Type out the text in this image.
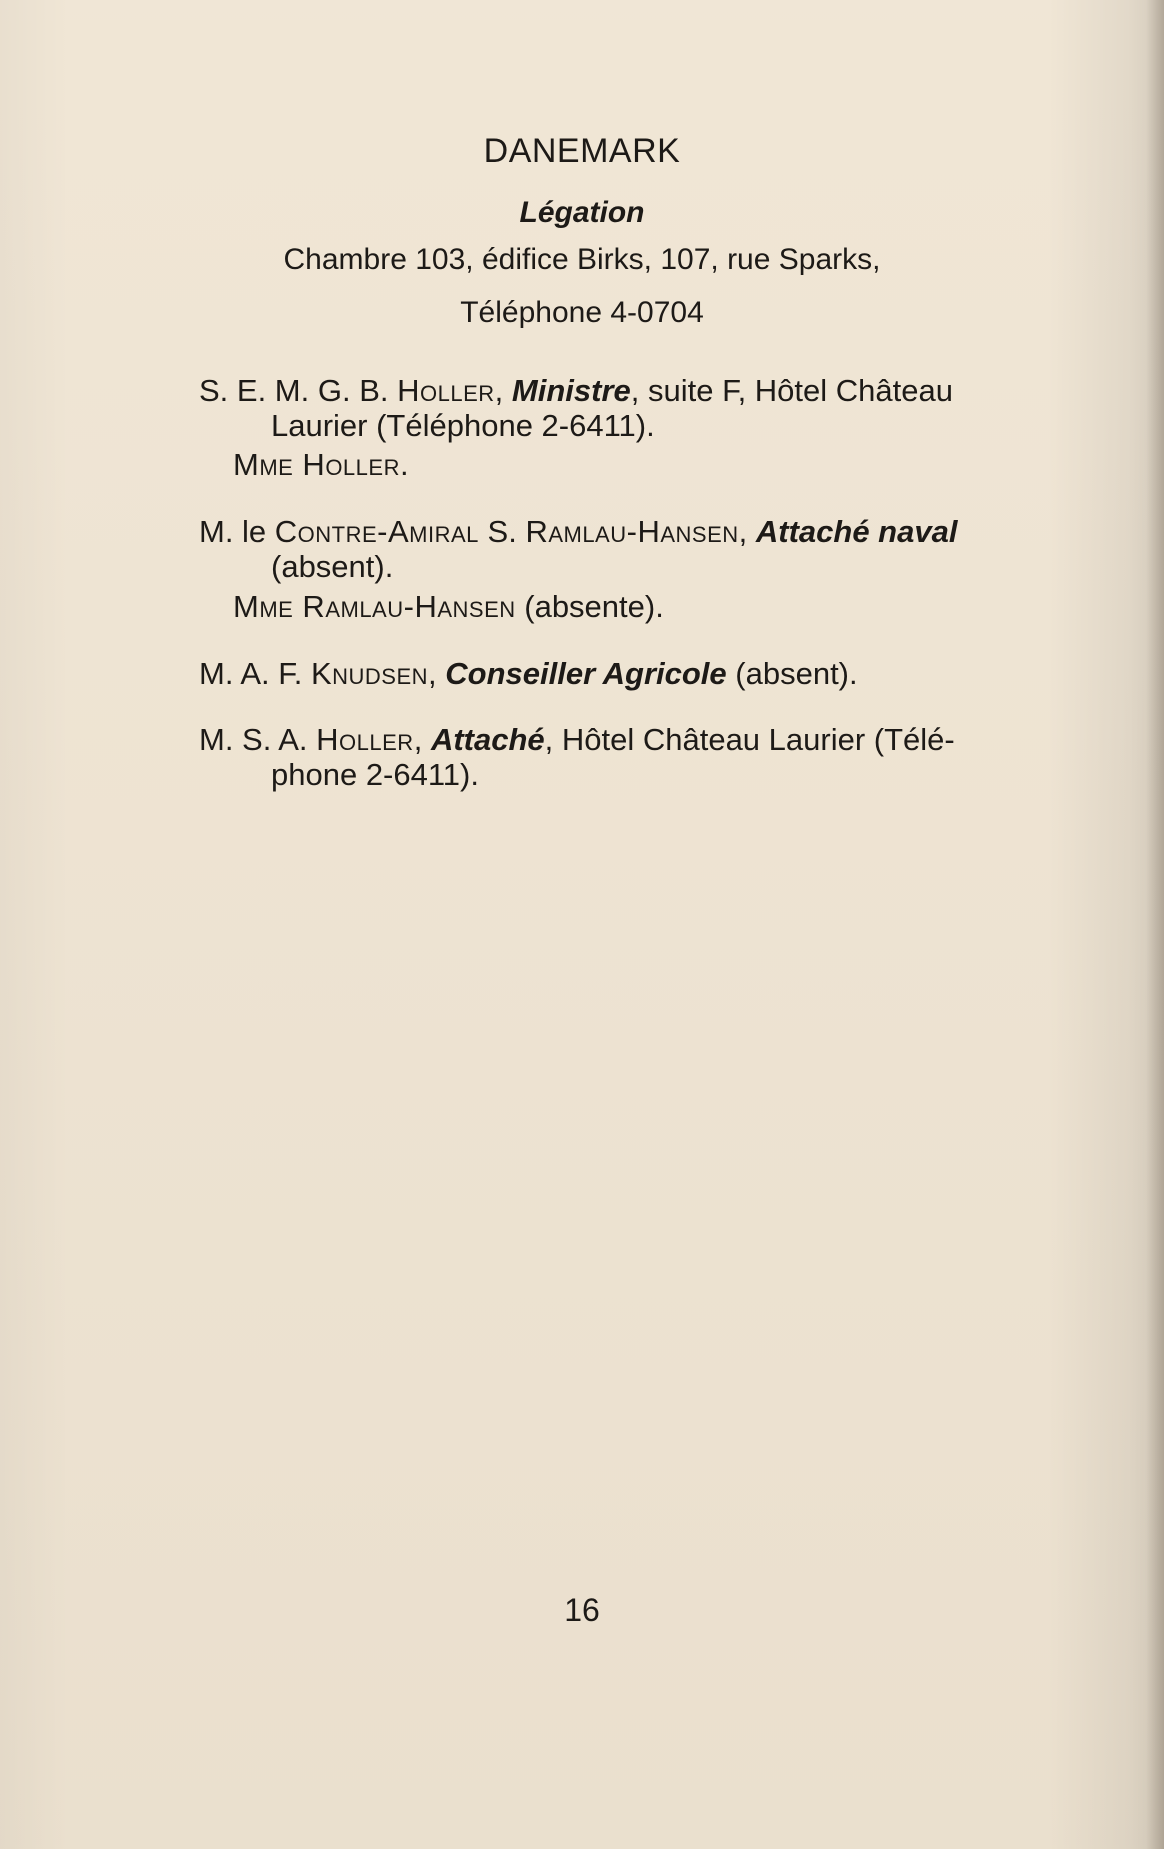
DANEMARK
Légation
Chambre 103, édifice Birks, 107, rue Sparks,
Téléphone 4-0704
S. E. M. G. B. Holler, Ministre, suite F, Hôtel Château
Laurier (Téléphone 2-6411).
Mme Holler.
M. le Contre-Amiral S. Ramlau-Hansen, Attaché naval
(absent).
Mme Ramlau-Hansen (absente).
M. A. F. Knudsen, Conseiller Agricole (absent).
M. S. A. Holler, Attaché, Hôtel Château Laurier (Télé-
phone 2-6411).
16
